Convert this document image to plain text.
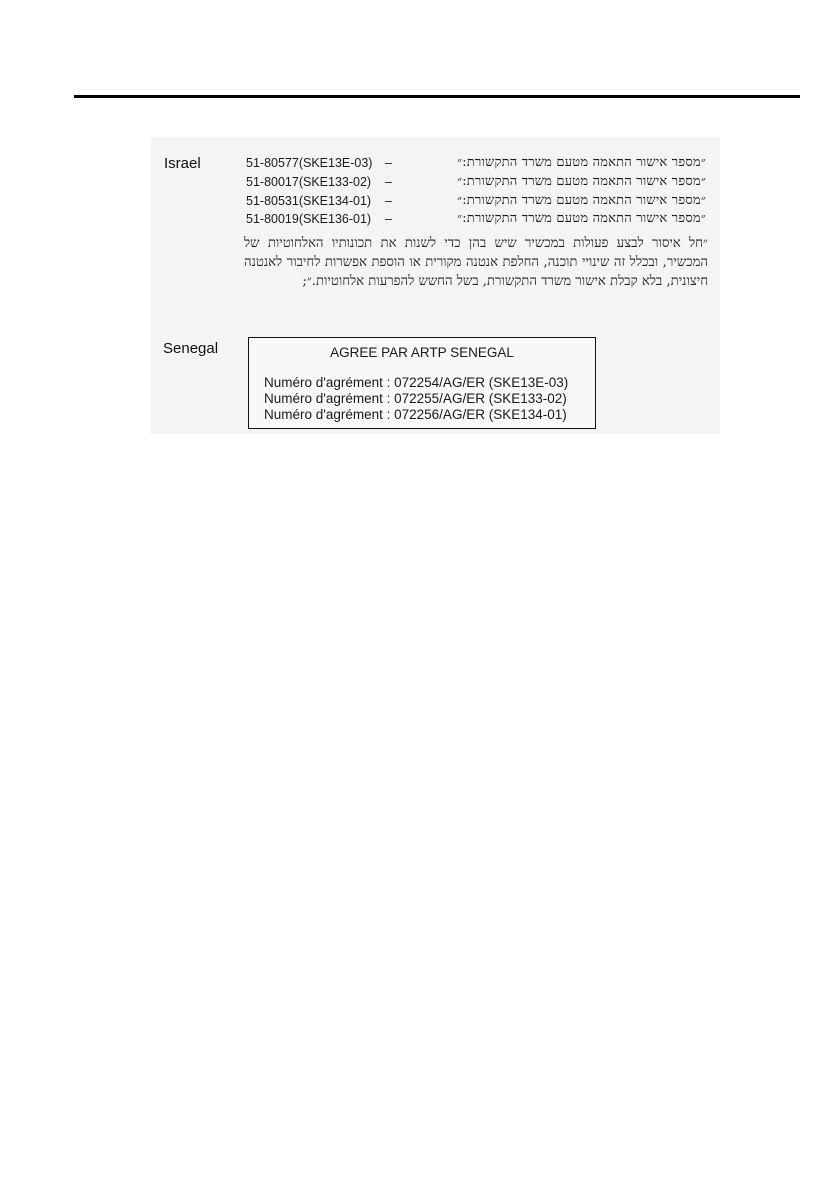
Israel	51-80577(SKE13E-03) –	״מספר אישור התאמה מטעם משרד התקשורת:״
51-80017(SKE133-02) –	״מספר אישור התאמה מטעם משרד התקשורת:״
51-80531(SKE134-01) –	״מספר אישור התאמה מטעם משרד התקשורת:״
51-80019(SKE136-01) –	״מספר אישור התאמה מטעם משרד התקשורת:״
״חל איסור לבצע פעולות במכשיר שיש בהן כדי לשנות את תכונותיו האלחוטיות של המכשיר, ובכלל זה שינויי תוכנה, החלפת אנטנה מקורית או הוספת אפשרות לחיבור לאנטנה חיצונית, בלא קבלת אישור משרד התקשורת, בשל החשש להפרעות אלחוטיות.״;
Senegal	AGREE PAR ARTP SENEGAL
Numéro d'agrément : 072254/AG/ER (SKE13E-03)
Numéro d'agrément : 072255/AG/ER (SKE133-02)
Numéro d'agrément : 072256/AG/ER (SKE134-01)
